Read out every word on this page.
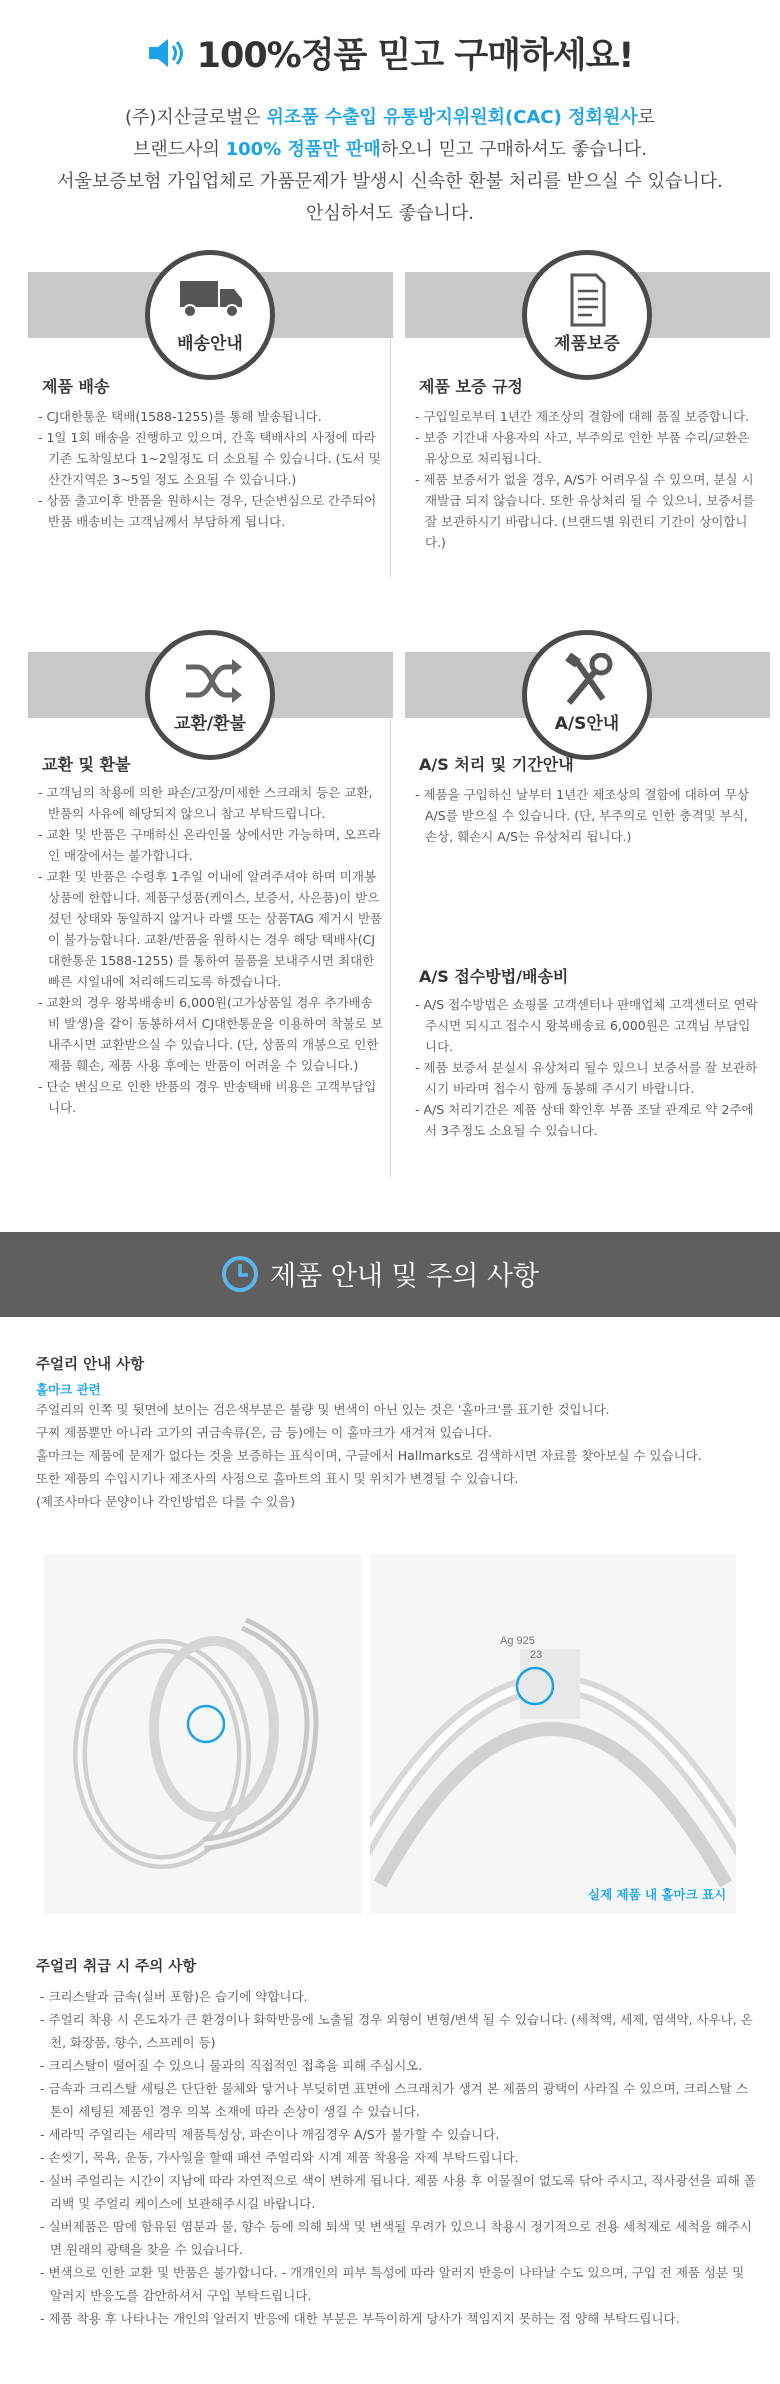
100%정품 믿고 구매하세요!

(주)지산글로벌은 위조품 수출입 유통방지위원회(CAC) 정회원사로

브랜드사의 100% 정품만 판매하오니 믿고 구매하셔도 좋습니다.

서울보증보험 가입업체로 가품문제가 발생시 신속한 환불 처리를 받으실 수 있습니다.

안심하셔도 좋습니다.

배송안내
제품 배송
- CJ대한통운 택배(1588-1255)를 통해 발송됩니다.
- 1일 1회 배송을 진행하고 있으며, 간혹 택배사의 사정에 따라 기존 도착일보다 1~2일정도 더 소요될 수 있습니다. (도서 및 산간지역은 3~5일 정도 소요될 수 있습니다.)
- 상품 출고이후 반품을 원하시는 경우, 단순변심으로 간주되어 반품 배송비는 고객님께서 부담하게 됩니다.
제품보증
제품 보증 규정
- 구입일로부터 1년간 제조상의 결함에 대해 품질 보증합니다.
- 보증 기간내 사용자의 사고, 부주의로 인한 부품 수리/교환은 유상으로 처리됩니다.
- 제품 보증서가 없을 경우, A/S가 어려우실 수 있으며, 분실 시 재발급 되지 않습니다. 또한 유상처리 될 수 있으니, 보증서를 잘 보관하시기 바랍니다. (브랜드별 워런티 기간이 상이합니다.)
교환/환불
교환 및 환불
- 고객님의 착용에 의한 파손/고장/미세한 스크래치 등은 교환, 반품의 사유에 해당되지 않으니 참고 부탁드립니다.
- 교환 및 반품은 구매하신 온라인몰 상에서만 가능하며, 오프라인 매장에서는 불가합니다.
- 교환 및 반품은 수령후 1주일 이내에 알려주셔야 하며 미개봉 상품에 한합니다. 제품구성품(케이스, 보증서, 사은품)이 받으셨던 상태와 동일하지 않거나 라벨 또는 상품TAG 제거시 반품이 불가능합니다. 교환/반품을 원하시는 경우 해당 택배사(CJ대한통운 1588-1255) 를 통하여 물품을 보내주시면 최대한 빠른 시일내에 처리해드리도록 하겠습니다.
- 교환의 경우 왕복배송비 6,000원(고가상품일 경우 추가배송비 발생)을 같이 동봉하셔서 CJ대한통운을 이용하여 착불로 보내주시면 교환받으실 수 있습니다. (단, 상품의 개봉으로 인한 제품 훼손, 제품 사용 후에는 반품이 어려울 수 있습니다.)
- 단순 변심으로 인한 반품의 경우 반송택배 비용은 고객부담입니다.
A/S안내
A/S 처리 및 기간안내
- 제품을 구입하신 날부터 1년간 제조상의 결함에 대하여 무상 A/S를 받으실 수 있습니다. (단, 부주의로 인한 충격및 부식, 손상, 훼손시 A/S는 유상처리 됩니다.)
A/S 접수방법/배송비
- A/S 접수방법은 쇼핑몰 고객센터나 판매업체 고객센터로 연락주시면 되시고 접수시 왕복배송료 6,000원은 고객님 부담입니다.
- 제품 보증서 분실시 유상처리 될수 있으니 보증서를 잘 보관하시기 바라며 접수시 함께 동봉해 주시기 바랍니다.
- A/S 처리기간은 제품 상태 확인후 부품 조달 관계로 약 2주에서 3주정도 소요될 수 있습니다.
제품 안내 및 주의 사항
주얼리 안내 사항
홀마크 관련

주얼리의 인쪽 및 뒷면에 보이는 검은색부분은 불량 및 변색이 아닌 있는 것은 '홀마크'를 표기한 것입니다.

구찌 제품뿐만 아니라 고가의 귀금속류(은, 금 등)에는 이 홀마크가 새겨져 있습니다.

홀마크는 제품에 문제가 없다는 것을 보증하는 표식이며, 구글에서 Hallmarks로 검색하시면 자료를 찾아보실 수 있습니다.

또한 제품의 수입시기나 제조사의 사정으로 홀마트의 표시 및 위치가 변경될 수 있습니다.

(제조사마다 문양이나 각인방법은 다를 수 있음)

Ag 925
23
실제 제품 내 홀마크 표시
주얼리 취급 시 주의 사항
- 크리스탈과 금속(실버 포함)은 습기에 약합니다.
- 주얼리 착용 시 온도차가 큰 환경이나 화학반응에 노출될 경우 외형이 변형/변색 될 수 있습니다. (세척액, 세제, 염색약, 사우나, 온천, 화장품, 향수, 스프레이 등)
- 크리스탈이 떨어질 수 있으니 물과의 직접적인 접촉을 피해 주십시오.
- 금속과 크리스탈 세팅은 단단한 물체와 닿거나 부딪히면 표면에 스크래치가 생겨 본 제품의 광택이 사라질 수 있으며, 크리스탈 스톤이 세팅된 제품인 경우 의복 소재에 따라 손상이 생길 수 있습니다.
- 세라믹 주얼리는 세라믹 제품특성상, 파손이나 깨짐경우 A/S가 불가할 수 있습니다.
- 손씻기, 목욕, 운동, 가사일을 할때 패션 주얼리와 시계 제품 착용을 자제 부탁드립니다.
- 실버 주얼리는 시간이 지남에 따라 자연적으로 색이 변하게 됩니다. 제품 사용 후 이물질이 없도록 닦아 주시고, 직사광선을 피해 폴리백 및 주얼리 케이스에 보관해주시길 바랍니다.
- 실버제품은 땀에 함유된 염분과 물, 향수 등에 의해 퇴색 및 변색될 우려가 있으니 착용시 정기적으로 전용 세척제로 세척을 해주시면 원래의 광택을 찾을 수 있습니다.
- 변색으로 인한 교환 및 반품은 불가합니다. - 개개인의 피부 특성에 따라 알러지 반응이 나타날 수도 있으며, 구입 전 제품 성분 및 알러지 반응도를 감안하셔서 구입 부탁드립니다.
- 제품 착용 후 나타나는 개인의 알러지 반응에 대한 부분은 부득이하게 당사가 책임지지 못하는 점 양해 부탁드립니다.
